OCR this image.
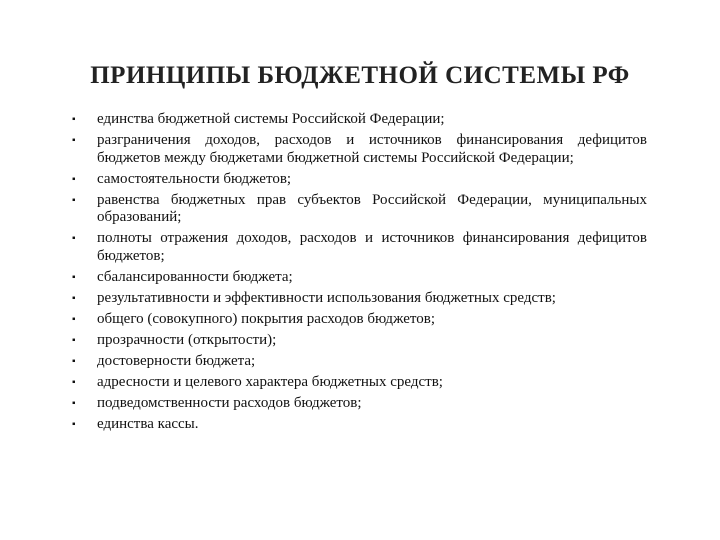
ПРИНЦИПЫ БЮДЖЕТНОЙ СИСТЕМЫ РФ
▪ единства бюджетной системы Российской Федерации;
▪ разграничения доходов, расходов и источников финансирования дефицитов бюджетов между бюджетами бюджетной системы Российской Федерации;
▪ самостоятельности бюджетов;
▪ равенства бюджетных прав субъектов Российской Федерации, муниципальных образований;
▪ полноты отражения доходов, расходов и источников финансирования дефицитов бюджетов;
▪ сбалансированности бюджета;
▪ результативности и эффективности использования бюджетных средств;
▪ общего (совокупного) покрытия расходов бюджетов;
▪ прозрачности (открытости);
▪ достоверности бюджета;
▪ адресности и целевого характера бюджетных средств;
▪ подведомственности расходов бюджетов;
▪ единства кассы.
